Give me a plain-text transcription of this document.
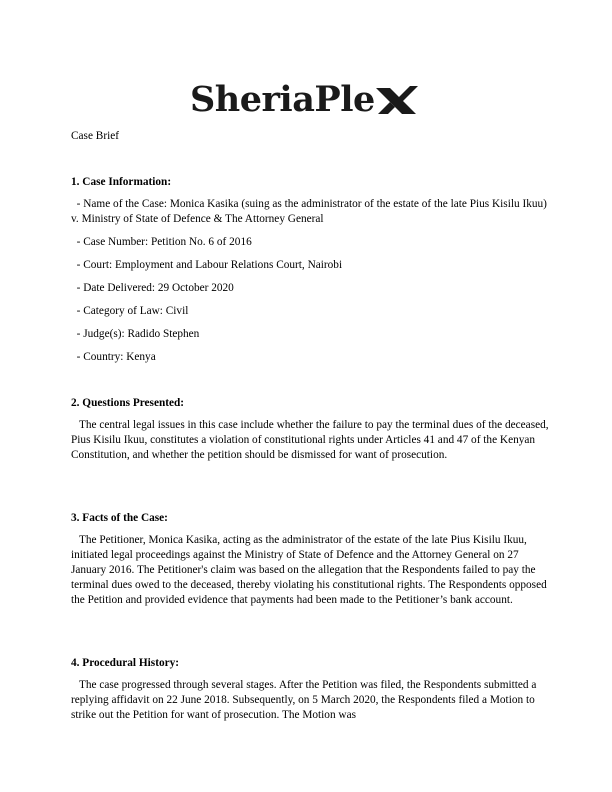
SheriaPle
Case Brief
1. Case Information:
- Name of the Case: Monica Kasika (suing as the administrator of the estate of the late Pius Kisilu Ikuu) v. Ministry of State of Defence & The Attorney General
- Case Number: Petition No. 6 of 2016
- Court: Employment and Labour Relations Court, Nairobi
- Date Delivered: 29 October 2020
- Category of Law: Civil
- Judge(s): Radido Stephen
- Country: Kenya
2. Questions Presented:
The central legal issues in this case include whether the failure to pay the terminal dues of the deceased, Pius Kisilu Ikuu, constitutes a violation of constitutional rights under Articles 41 and 47 of the Kenyan Constitution, and whether the petition should be dismissed for want of prosecution.
3. Facts of the Case:
The Petitioner, Monica Kasika, acting as the administrator of the estate of the late Pius Kisilu Ikuu, initiated legal proceedings against the Ministry of State of Defence and the Attorney General on 27 January 2016. The Petitioner's claim was based on the allegation that the Respondents failed to pay the terminal dues owed to the deceased, thereby violating his constitutional rights. The Respondents opposed the Petition and provided evidence that payments had been made to the Petitioner’s bank account.
4. Procedural History:
The case progressed through several stages. After the Petition was filed, the Respondents submitted a replying affidavit on 22 June 2018. Subsequently, on 5 March 2020, the Respondents filed a Motion to strike out the Petition for want of prosecution. The Motion was
